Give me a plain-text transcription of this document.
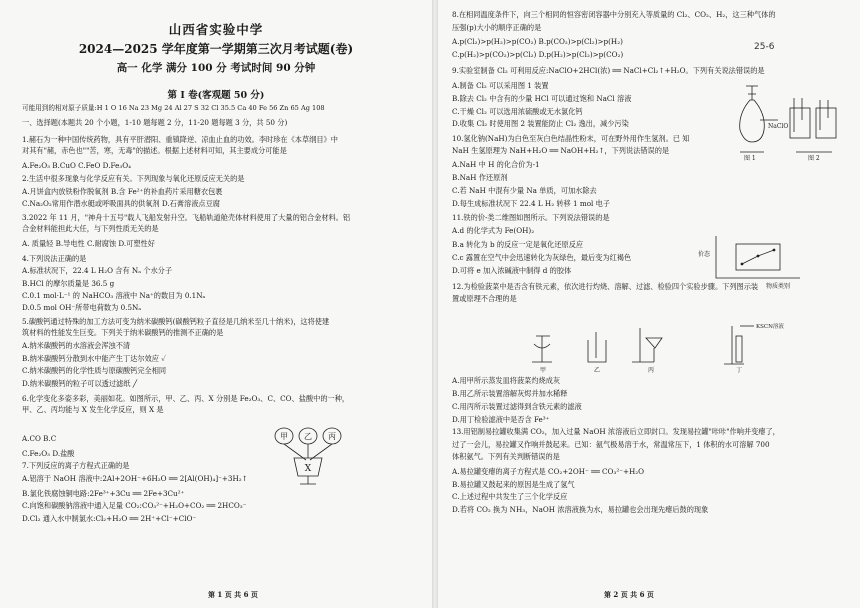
山西省实验中学
2024—2025 学年度第一学期第三次月考试题(卷)
高一 化学 满分 100 分 考试时间 90 分钟
第 I 卷(客观题 50 分)
可能用到的相对原子质量:H 1 O 16 Na 23 Mg 24 Al 27 S 32 Cl 35.5 Ca 40 Fe 56 Zn 65 Ag 108
一、选择题(本题共 20 个小题，1-10 题每题 2 分，11-20 题每题 3 分，共 50 分)
1.赭石为一种中国传统药物，具有平肝潜阳、重镇降逆、凉血止血的功效。李时珍在《本草纲目》中
对其有"赭，赤色也""苦，寒，无毒"的描述。根据上述材料可知，其主要成分可能是
A.Fe₂O₃ B.CuO C.FeO D.Fe₃O₄
2.生活中很多现象与化学反应有关。下列现象与氧化还原反应无关的是
A.月饼盒内放铁粉作脱氧剂 B.含 Fe²⁺的补血药片采用糖衣包裹
C.Na₂O₂常用作潜水艇或呼吸面具的供氧剂 D.石膏溶液点豆腐
3.2022 年 11 月，"神舟十五号"载人飞船发射升空。飞船轨道舱壳体材料使用了大量的铝合金材料。铝
合金材料能担此大任，与下列性质无关的是
A. 质量轻 B.导电性 C.耐腐蚀 D.可塑性好
4.下列说法正确的是
A.标准状况下，22.4 L H₂O 含有 Nₐ 个水分子
B.HCl 的摩尔质量是 36.5 g
C.0.1 mol·L⁻¹ 的 NaHCO₃ 溶液中 Na⁺的数目为 0.1Nₐ
D.0.5 mol OH⁻所带电荷数为 0.5Nₐ
5.碳酸钙通过特殊的加工方法可变为纳米碳酸钙(碳酸钙粒子直径是几纳米至几十纳米)，这将使建
筑材料的性能发生巨变。下列关于纳米碳酸钙的推测不正确的是
A.纳米碳酸钙的水溶液会浑浊不清
B.纳米碳酸钙分散到水中能产生丁达尔效应 ✓
C.纳米碳酸钙的化学性质与原碳酸钙完全相同
D.纳米碳酸钙的粒子可以透过滤纸 ╱
6.化学变化多姿多彩，美丽如花。如图所示，甲、乙、丙、X 分别是 Fe₂O₃、C、CO、盐酸中的一种，
甲、乙、丙均能与 X 发生化学反应，则 X 是
A.CO B.C
C.Fe₂O₃ D.盐酸
7.下列反应的离子方程式正确的是
A.铝溶于 NaOH 溶液中:2Al+2OH⁻+6H₂O ══ 2[Al(OH)₄]⁻+3H₂↑
B.氯化铁腐蚀铜电路:2Fe³⁺+3Cu ══ 2Fe+3Cu²⁺
C.向饱和碳酸钠溶液中通入足量 CO₂:CO₃²⁻+H₂O+CO₂ ══ 2HCO₃⁻
D.Cl₂ 通入水中制氯水:Cl₂+H₂O ══ 2H⁺+Cl⁻+ClO⁻
甲 乙 丙
X
第 1 页 共 6 页
8.在相同温度条件下，向三个相同的恒容密闭容器中分别充入等质量的 Cl₂、CO₂、H₂，这三种气体的
压强(p)大小的顺序正确的是
A.p(Cl₂)>p(H₂)>p(CO₂) B.p(CO₂)>p(Cl₂)>p(H₂)
C.p(H₂)>p(CO₂)>p(Cl₂) D.p(H₂)>p(Cl₂)>p(CO₂)
9.实验室制备 Cl₂ 可利用反应:NaClO+2HCl(浓) ══ NaCl+Cl₂↑+H₂O。下列有关说法错误的是
A.制备 Cl₂ 可以采用图 1 装置
B.除去 Cl₂ 中含有的少量 HCl 可以通过饱和 NaCl 溶液
C.干燥 Cl₂ 可以选用浓硫酸或无水氯化钙
D.收集 Cl₂ 时使用图 2 装置能防止 Cl₂ 逸出，减少污染
10.氢化钠(NaH)为白色至灰白色结晶性粉末，可在野外用作生氢剂。已 知
NaH 生氢原理为 NaH+H₂O ══ NaOH+H₂↑，下列说法错误的是
A.NaH 中 H 的化合价为-1
B.NaH 作还原剂
C.若 NaH 中混有少量 Na 单质，可加水除去
D.每生成标准状况下 22.4 L H₂ 转移 1 mol 电子
11.铁的价-类二维图如图所示。下列说法错误的是
A.d 的化学式为 Fe(OH)₂
B.a 转化为 b 的反应一定是氧化还原反应
C.c 露置在空气中会迅速转化为灰绿色，最后变为红褐色
D.可将 e 加入浓碱液中制得 d 的胶体
12.为检验菠菜中是否含有铁元素，依次进行灼烧、溶解、过滤、检验四个实验步骤。下列图示装
置或原理不合理的是
A.用甲所示蒸发皿将菠菜灼烧成灰
B.用乙所示装置溶解灰烬并加水稀释
C.用丙所示装置过滤得到含铁元素的滤液
D.用丁检验滤液中是否含 Fe³⁺
13.用铝制易拉罐收集满 CO₂，加入过量 NaOH 浓溶液后立即封口。发现易拉罐"咔咔"作响并变瘪了，
过了一会儿，易拉罐又作响并鼓起来。已知：氨气极易溶于水，常温常压下，1 体积的水可溶解 700
体积氨气。下列有关判断错误的是
A.易拉罐变瘪的离子方程式是 CO₂+2OH⁻ ══ CO₃²⁻+H₂O
B.易拉罐又鼓起来的原因是生成了氢气
C.上述过程中共发生了三个化学反应
D.若将 CO₂ 换为 NH₃，NaOH 浓溶液换为水，易拉罐也会出现先瘪后鼓的现象
25-6
NaClO
图 1	图 2
价态
物质类别
甲	乙	丙	丁
KSCN溶液
第 2 页 共 6 页
